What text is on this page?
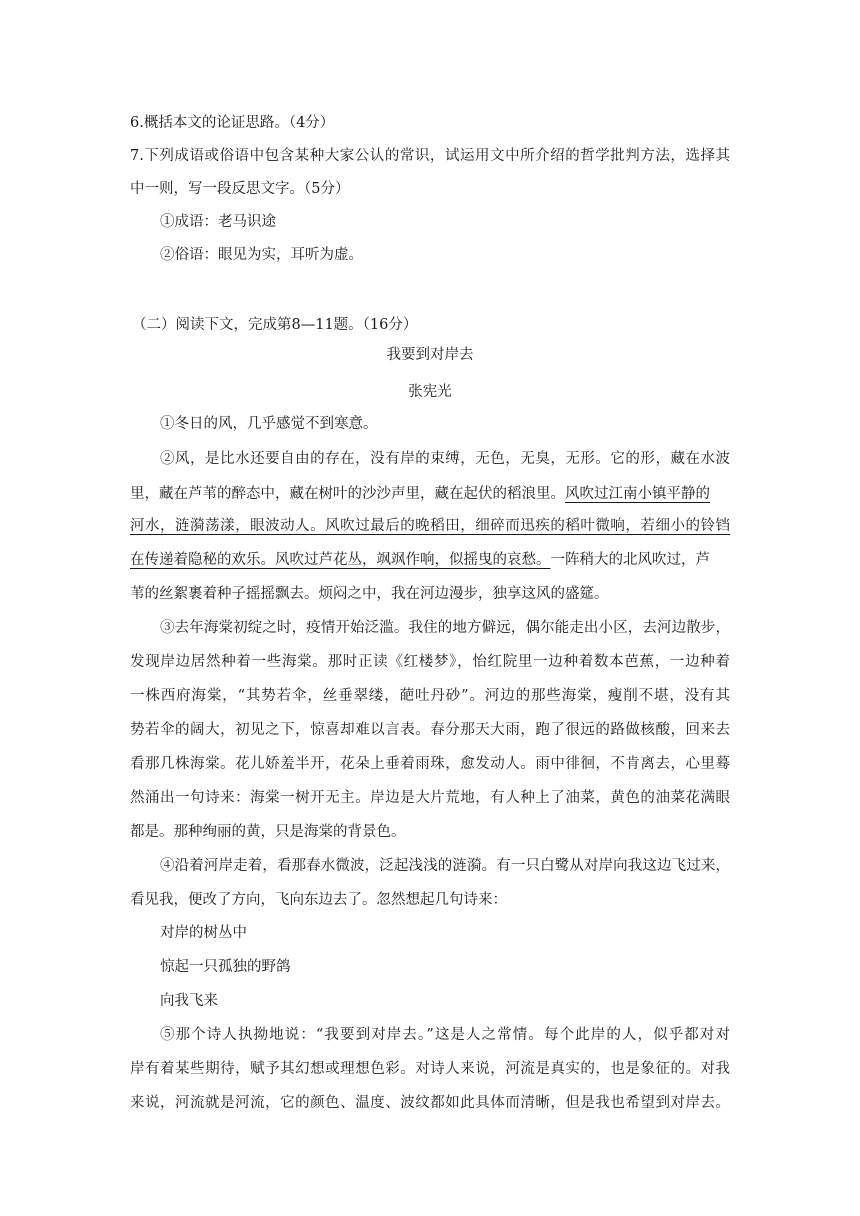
6.概括本文的论证思路。（4分）
7.下列成语或俗语中包含某种大家公认的常识，试运用文中所介绍的哲学批判方法，选择其
中一则，写一段反思文字。（5分）
①成语：老马识途
②俗语：眼见为实，耳听为虚。
（二）阅读下文，完成第8—11题。（16分）
我要到对岸去
张宪光
①冬日的风，几乎感觉不到寒意。
②风，是比水还要自由的存在，没有岸的束缚，无色，无臭，无形。它的形，藏在水波
里，藏在芦苇的醉态中，藏在树叶的沙沙声里，藏在起伏的稻浪里。风吹过江南小镇平静的
河水，涟漪荡漾，眼波动人。风吹过最后的晚稻田，细碎而迅疾的稻叶微响，若细小的铃铛
在传递着隐秘的欢乐。风吹过芦花丛，飒飒作响，似摇曳的哀愁。一阵稍大的北风吹过，芦
苇的丝絮裹着种子摇摇飘去。烦闷之中，我在河边漫步，独享这风的盛筵。
③去年海棠初绽之时，疫情开始泛滥。我住的地方僻远，偶尔能走出小区，去河边散步，
发现岸边居然种着一些海棠。那时正读《红楼梦》，怡红院里一边种着数本芭蕉，一边种着
一株西府海棠，“其势若伞，丝垂翠缕，葩吐丹砂”。河边的那些海棠，瘦削不堪，没有其
势若伞的阔大，初见之下，惊喜却难以言表。春分那天大雨，跑了很远的路做核酸，回来去
看那几株海棠。花儿娇羞半开，花朵上垂着雨珠，愈发动人。雨中徘徊，不肯离去，心里蓦
然涌出一句诗来：海棠一树开无主。岸边是大片荒地，有人种上了油菜，黄色的油菜花满眼
都是。那种绚丽的黄，只是海棠的背景色。
④沿着河岸走着，看那春水微波，泛起浅浅的涟漪。有一只白鹭从对岸向我这边飞过来，
看见我，便改了方向，飞向东边去了。忽然想起几句诗来：
对岸的树丛中
惊起一只孤独的野鸽
向我飞来
⑤那个诗人执拗地说：“我要到对岸去。”这是人之常情。每个此岸的人，似乎都对对
岸有着某些期待，赋予其幻想或理想色彩。对诗人来说，河流是真实的，也是象征的。对我
来说，河流就是河流，它的颜色、温度、波纹都如此具体而清晰，但是我也希望到对岸去。
